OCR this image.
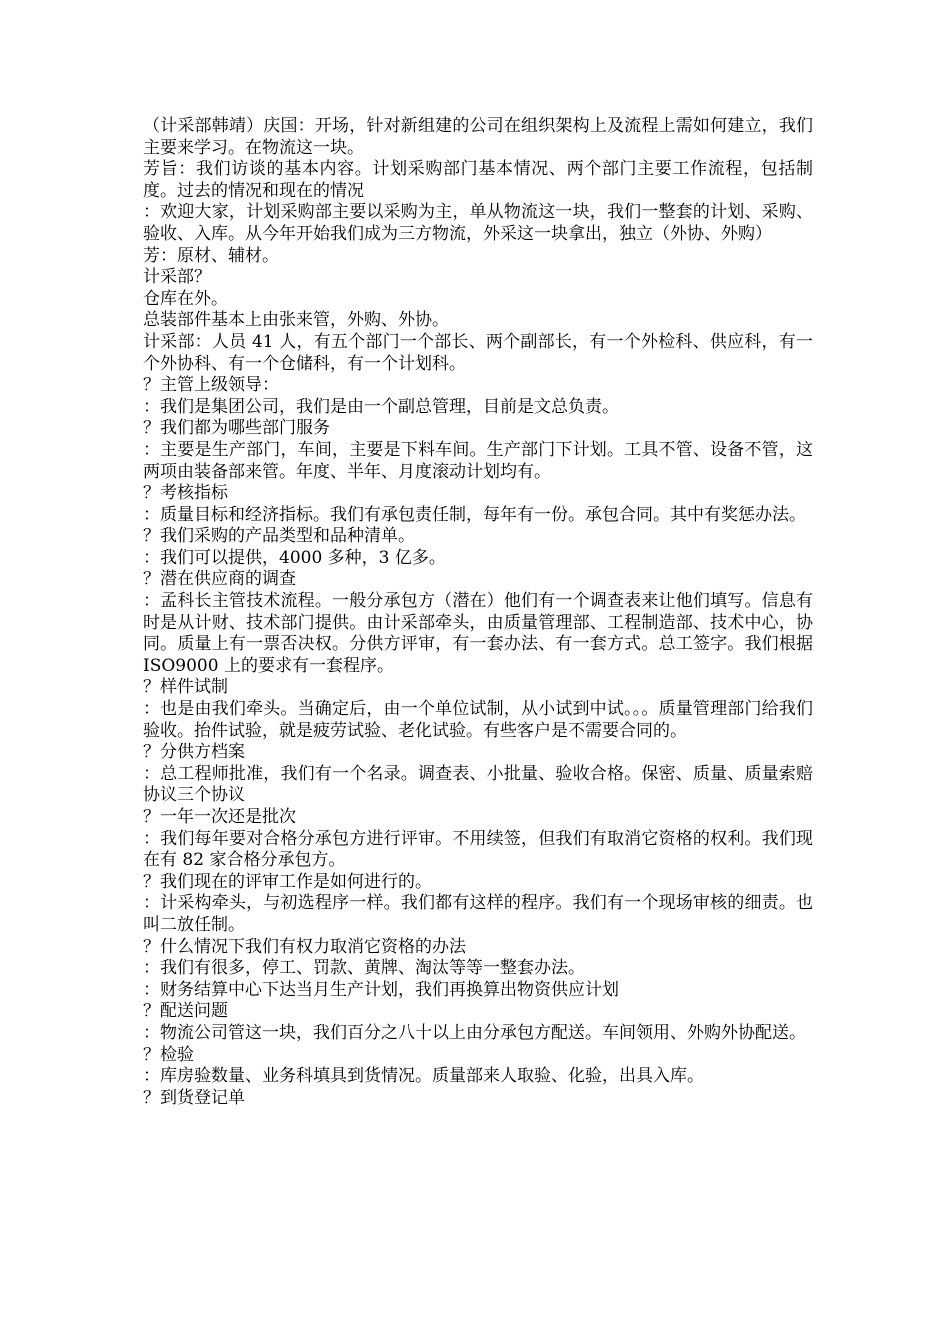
（计采部韩靖）庆国：开场，针对新组建的公司在组织架构上及流程上需如何建立，我们主要来学习。在物流这一块。

芳旨：我们访谈的基本内容。计划采购部门基本情况、两个部门主要工作流程，包括制度。过去的情况和现在的情况

：欢迎大家，计划采购部主要以采购为主，单从物流这一块，我们一整套的计划、采购、验收、入库。从今年开始我们成为三方物流，外采这一块拿出，独立（外协、外购）

芳：原材、辅材。

计采部？

仓库在外。

总装部件基本上由张来管，外购、外协。

计采部：人员 41 人，有五个部门一个部长、两个副部长，有一个外检科、供应科，有一个外协科、有一个仓储科，有一个计划科。

？主管上级领导：

：我们是集团公司，我们是由一个副总管理，目前是文总负责。

？我们都为哪些部门服务

：主要是生产部门，车间，主要是下料车间。生产部门下计划。工具不管、设备不管，这两项由装备部来管。年度、半年、月度滚动计划均有。

？考核指标

：质量目标和经济指标。我们有承包责任制，每年有一份。承包合同。其中有奖惩办法。

？我们采购的产品类型和品种清单。

：我们可以提供，4000 多种，3 亿多。

？潜在供应商的调查

：孟科长主管技术流程。一般分承包方（潜在）他们有一个调查表来让他们填写。信息有时是从计财、技术部门提供。由计采部牵头，由质量管理部、工程制造部、技术中心，协同。质量上有一票否决权。分供方评审，有一套办法、有一套方式。总工签字。我们根据 ISO9000 上的要求有一套程序。

？样件试制

：也是由我们牵头。当确定后，由一个单位试制，从小试到中试。。。质量管理部门给我们验收。抬件试验，就是疲劳试验、老化试验。有些客户是不需要合同的。

？分供方档案

：总工程师批准，我们有一个名录。调查表、小批量、验收合格。保密、质量、质量索赔协议三个协议

？一年一次还是批次

：我们每年要对合格分承包方进行评审。不用续签，但我们有取消它资格的权利。我们现在有 82 家合格分承包方。

？我们现在的评审工作是如何进行的。

：计采构牵头，与初选程序一样。我们都有这样的程序。我们有一个现场审核的细责。也叫二放任制。

？什么情况下我们有权力取消它资格的办法

：我们有很多，停工、罚款、黄牌、淘汰等等一整套办法。

：财务结算中心下达当月生产计划，我们再换算出物资供应计划

？配送问题

：物流公司管这一块，我们百分之八十以上由分承包方配送。车间领用、外购外协配送。

？检验

：库房验数量、业务科填具到货情况。质量部来人取验、化验，出具入库。

？到货登记单
